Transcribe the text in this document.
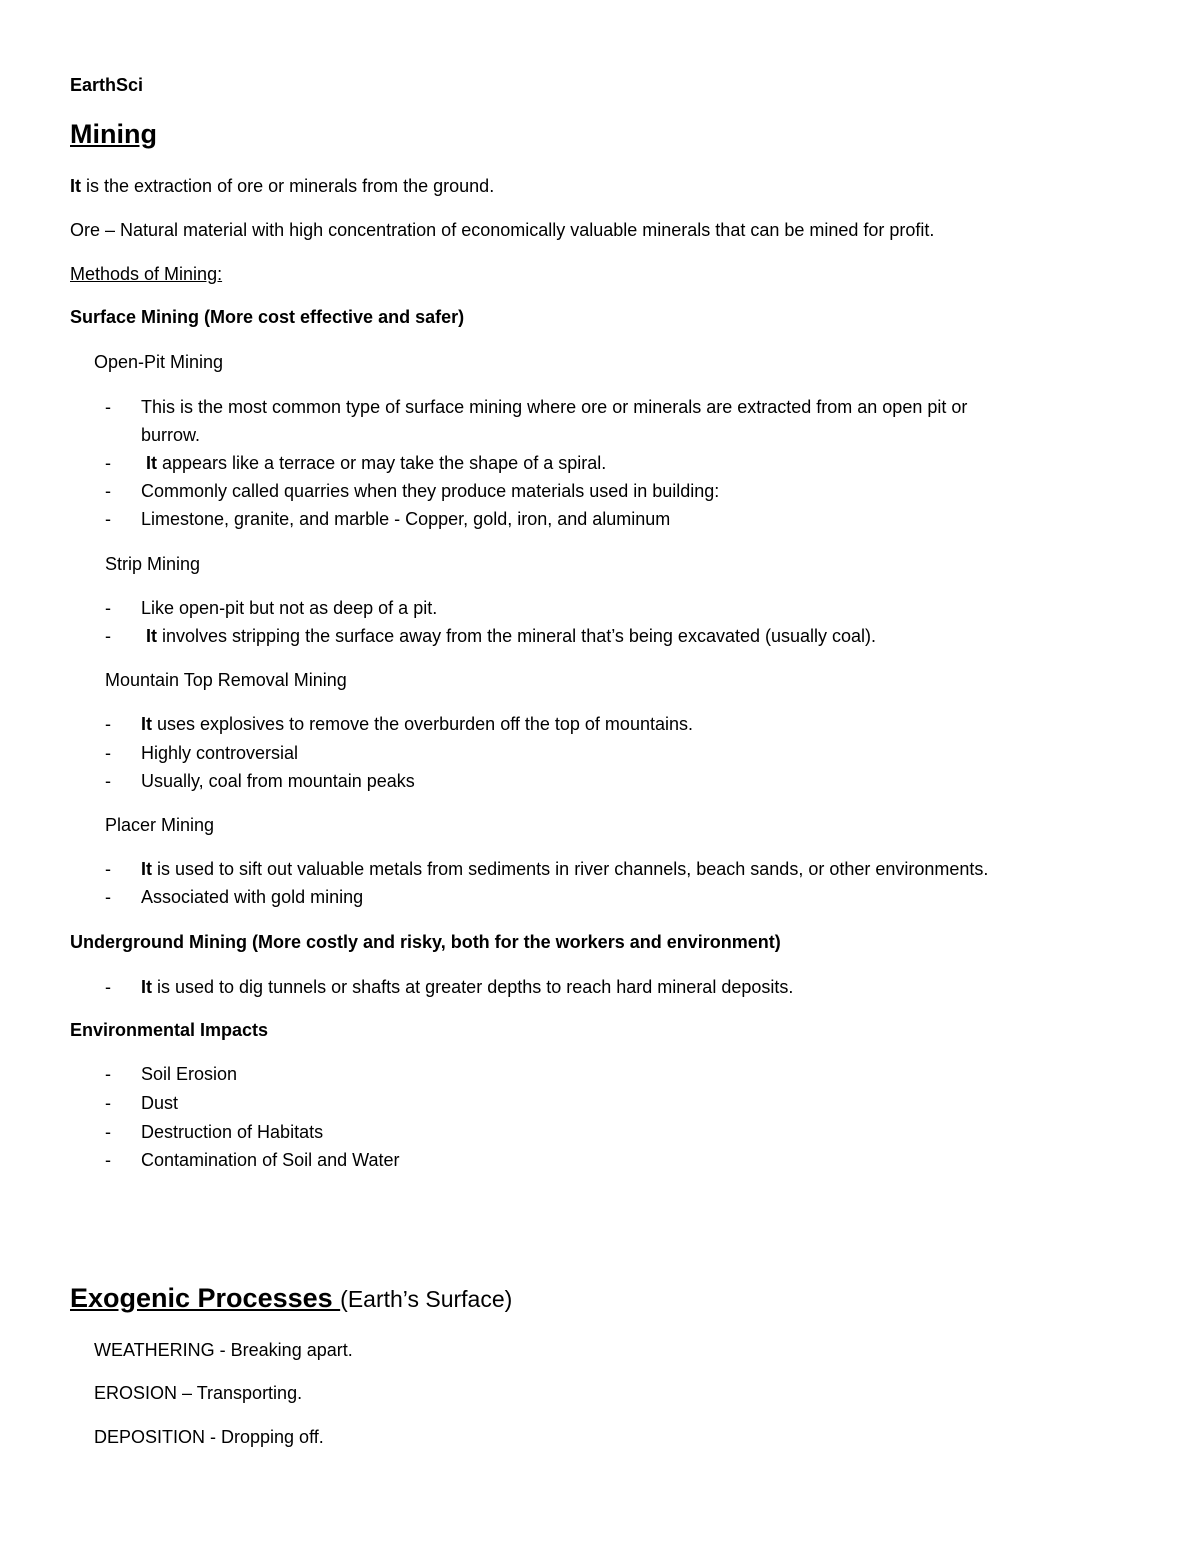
EarthSci
Mining
It is the extraction of ore or minerals from the ground.
Ore – Natural material with high concentration of economically valuable minerals that can be mined for profit.
Methods of Mining:
Surface Mining (More cost effective and safer)
Open-Pit Mining
- This is the most common type of surface mining where ore or minerals are extracted from an open pit or
burrow.
- It appears like a terrace or may take the shape of a spiral.
- Commonly called quarries when they produce materials used in building:
- Limestone, granite, and marble - Copper, gold, iron, and aluminum
Strip Mining
- Like open-pit but not as deep of a pit.
- It involves stripping the surface away from the mineral that’s being excavated (usually coal).
Mountain Top Removal Mining
- It uses explosives to remove the overburden off the top of mountains.
- Highly controversial
- Usually, coal from mountain peaks
Placer Mining
- It is used to sift out valuable metals from sediments in river channels, beach sands, or other environments.
- Associated with gold mining
Underground Mining (More costly and risky, both for the workers and environment)
- It is used to dig tunnels or shafts at greater depths to reach hard mineral deposits.
Environmental Impacts
- Soil Erosion
- Dust
- Destruction of Habitats
- Contamination of Soil and Water
Exogenic Processes (Earth’s Surface)
WEATHERING - Breaking apart.
EROSION – Transporting.
DEPOSITION - Dropping off.
